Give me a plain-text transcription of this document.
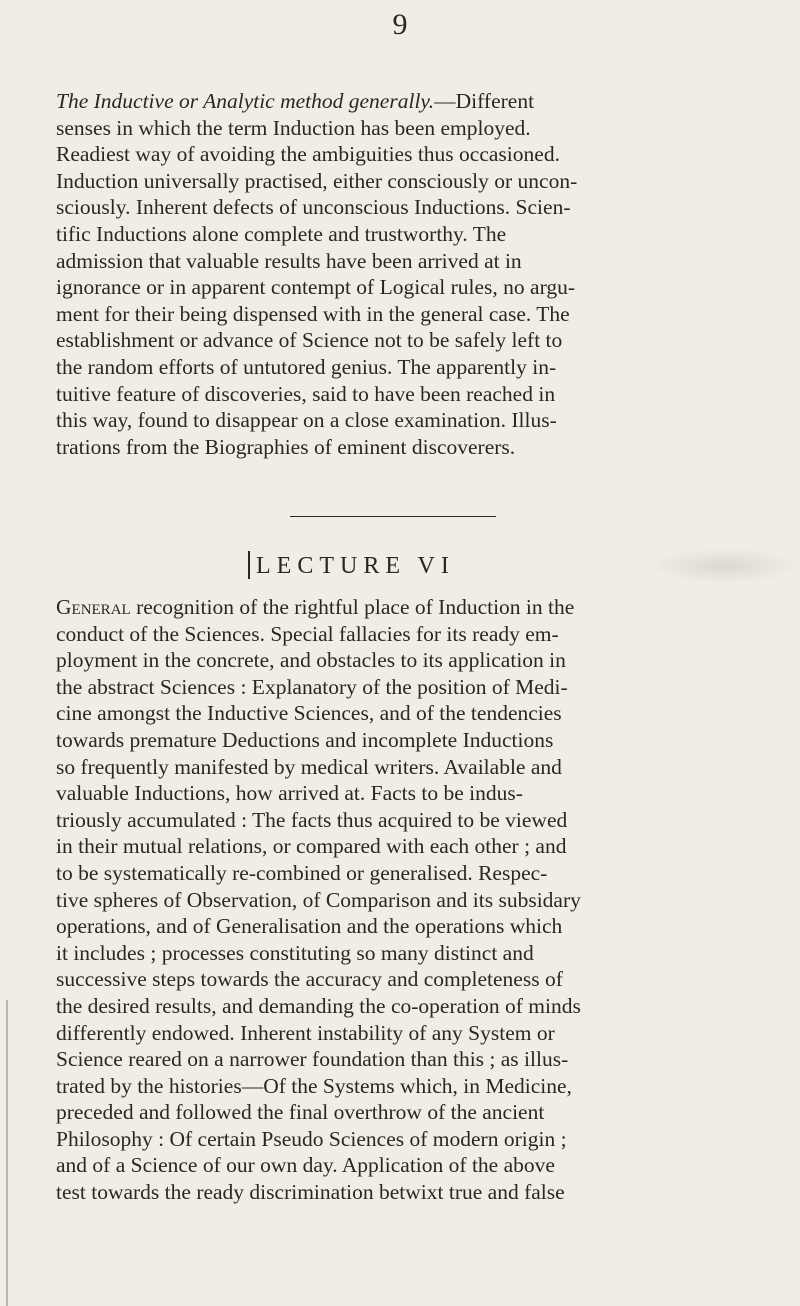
9

The Inductive or Analytic method generally.—Different
senses in which the term Induction has been employed.
Readiest way of avoiding the ambiguities thus occasioned.
Induction universally practised, either consciously or uncon-
sciously. Inherent defects of unconscious Inductions. Scien-
tific Inductions alone complete and trustworthy. The
admission that valuable results have been arrived at in
ignorance or in apparent contempt of Logical rules, no argu-
ment for their being dispensed with in the general case. The
establishment or advance of Science not to be safely left to
the random efforts of untutored genius. The apparently in-
tuitive feature of discoveries, said to have been reached in
this way, found to disappear on a close examination. Illus-
trations from the Biographies of eminent discoverers.

LECTURE VI

General recognition of the rightful place of Induction in the
conduct of the Sciences. Special fallacies for its ready em-
ployment in the concrete, and obstacles to its application in
the abstract Sciences : Explanatory of the position of Medi-
cine amongst the Inductive Sciences, and of the tendencies
towards premature Deductions and incomplete Inductions
so frequently manifested by medical writers. Available and
valuable Inductions, how arrived at. Facts to be indus-
triously accumulated : The facts thus acquired to be viewed
in their mutual relations, or compared with each other ; and
to be systematically re-combined or generalised. Respec-
tive spheres of Observation, of Comparison and its subsidary
operations, and of Generalisation and the operations which
it includes ; processes constituting so many distinct and
successive steps towards the accuracy and completeness of
the desired results, and demanding the co-operation of minds
differently endowed. Inherent instability of any System or
Science reared on a narrower foundation than this ; as illus-
trated by the histories—Of the Systems which, in Medicine,
preceded and followed the final overthrow of the ancient
Philosophy : Of certain Pseudo Sciences of modern origin ;
and of a Science of our own day. Application of the above
test towards the ready discrimination betwixt true and false
